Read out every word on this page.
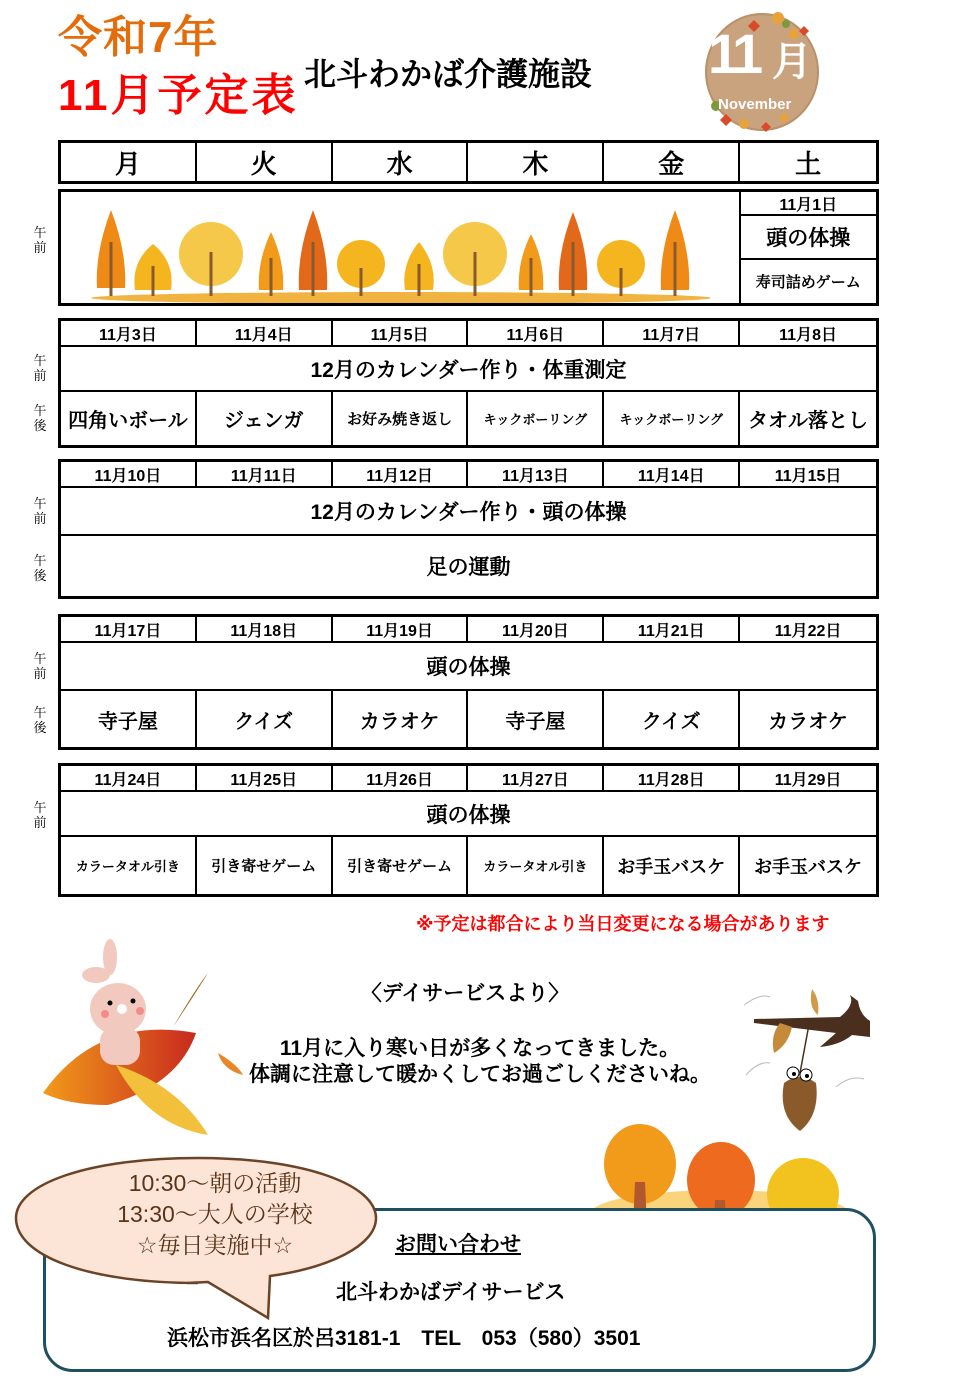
令和7年
11月予定表 北斗わかば介護施設 11 月
November
月	火	水	木	金	土
午前
11月1日
頭の体操
寿司詰めゲーム
午前
午後
11月3日	11月4日	11月5日	11月6日	11月7日	11月8日
12月のカレンダー作り・体重測定
四角いボール	ジェンガ	お好み焼き返し	キックボーリング	キックボーリング	タオル落とし
午前
午後
11月10日	11月11日	11月12日	11月13日	11月14日	11月15日
12月のカレンダー作り・頭の体操
足の運動
午前
午後
11月17日	11月18日	11月19日	11月20日	11月21日	11月22日
頭の体操
寺子屋	クイズ	カラオケ	寺子屋	クイズ	カラオケ
午前
11月24日	11月25日	11月26日	11月27日	11月28日	11月29日
頭の体操
カラータオル引き	引き寄せゲーム	引き寄せゲーム	カラータオル引き	お手玉バスケ	お手玉バスケ
※予定は都合により当日変更になる場合があります
〈デイサービスより〉
11月に入り寒い日が多くなってきました。
体調に注意して暖かくしてお過ごしくださいね。
お問い合わせ
北斗わかばデイサービス
浜松市浜名区於呂3181-1　TEL　053（580）3501
10:30～朝の活動
13:30～大人の学校
☆毎日実施中☆
